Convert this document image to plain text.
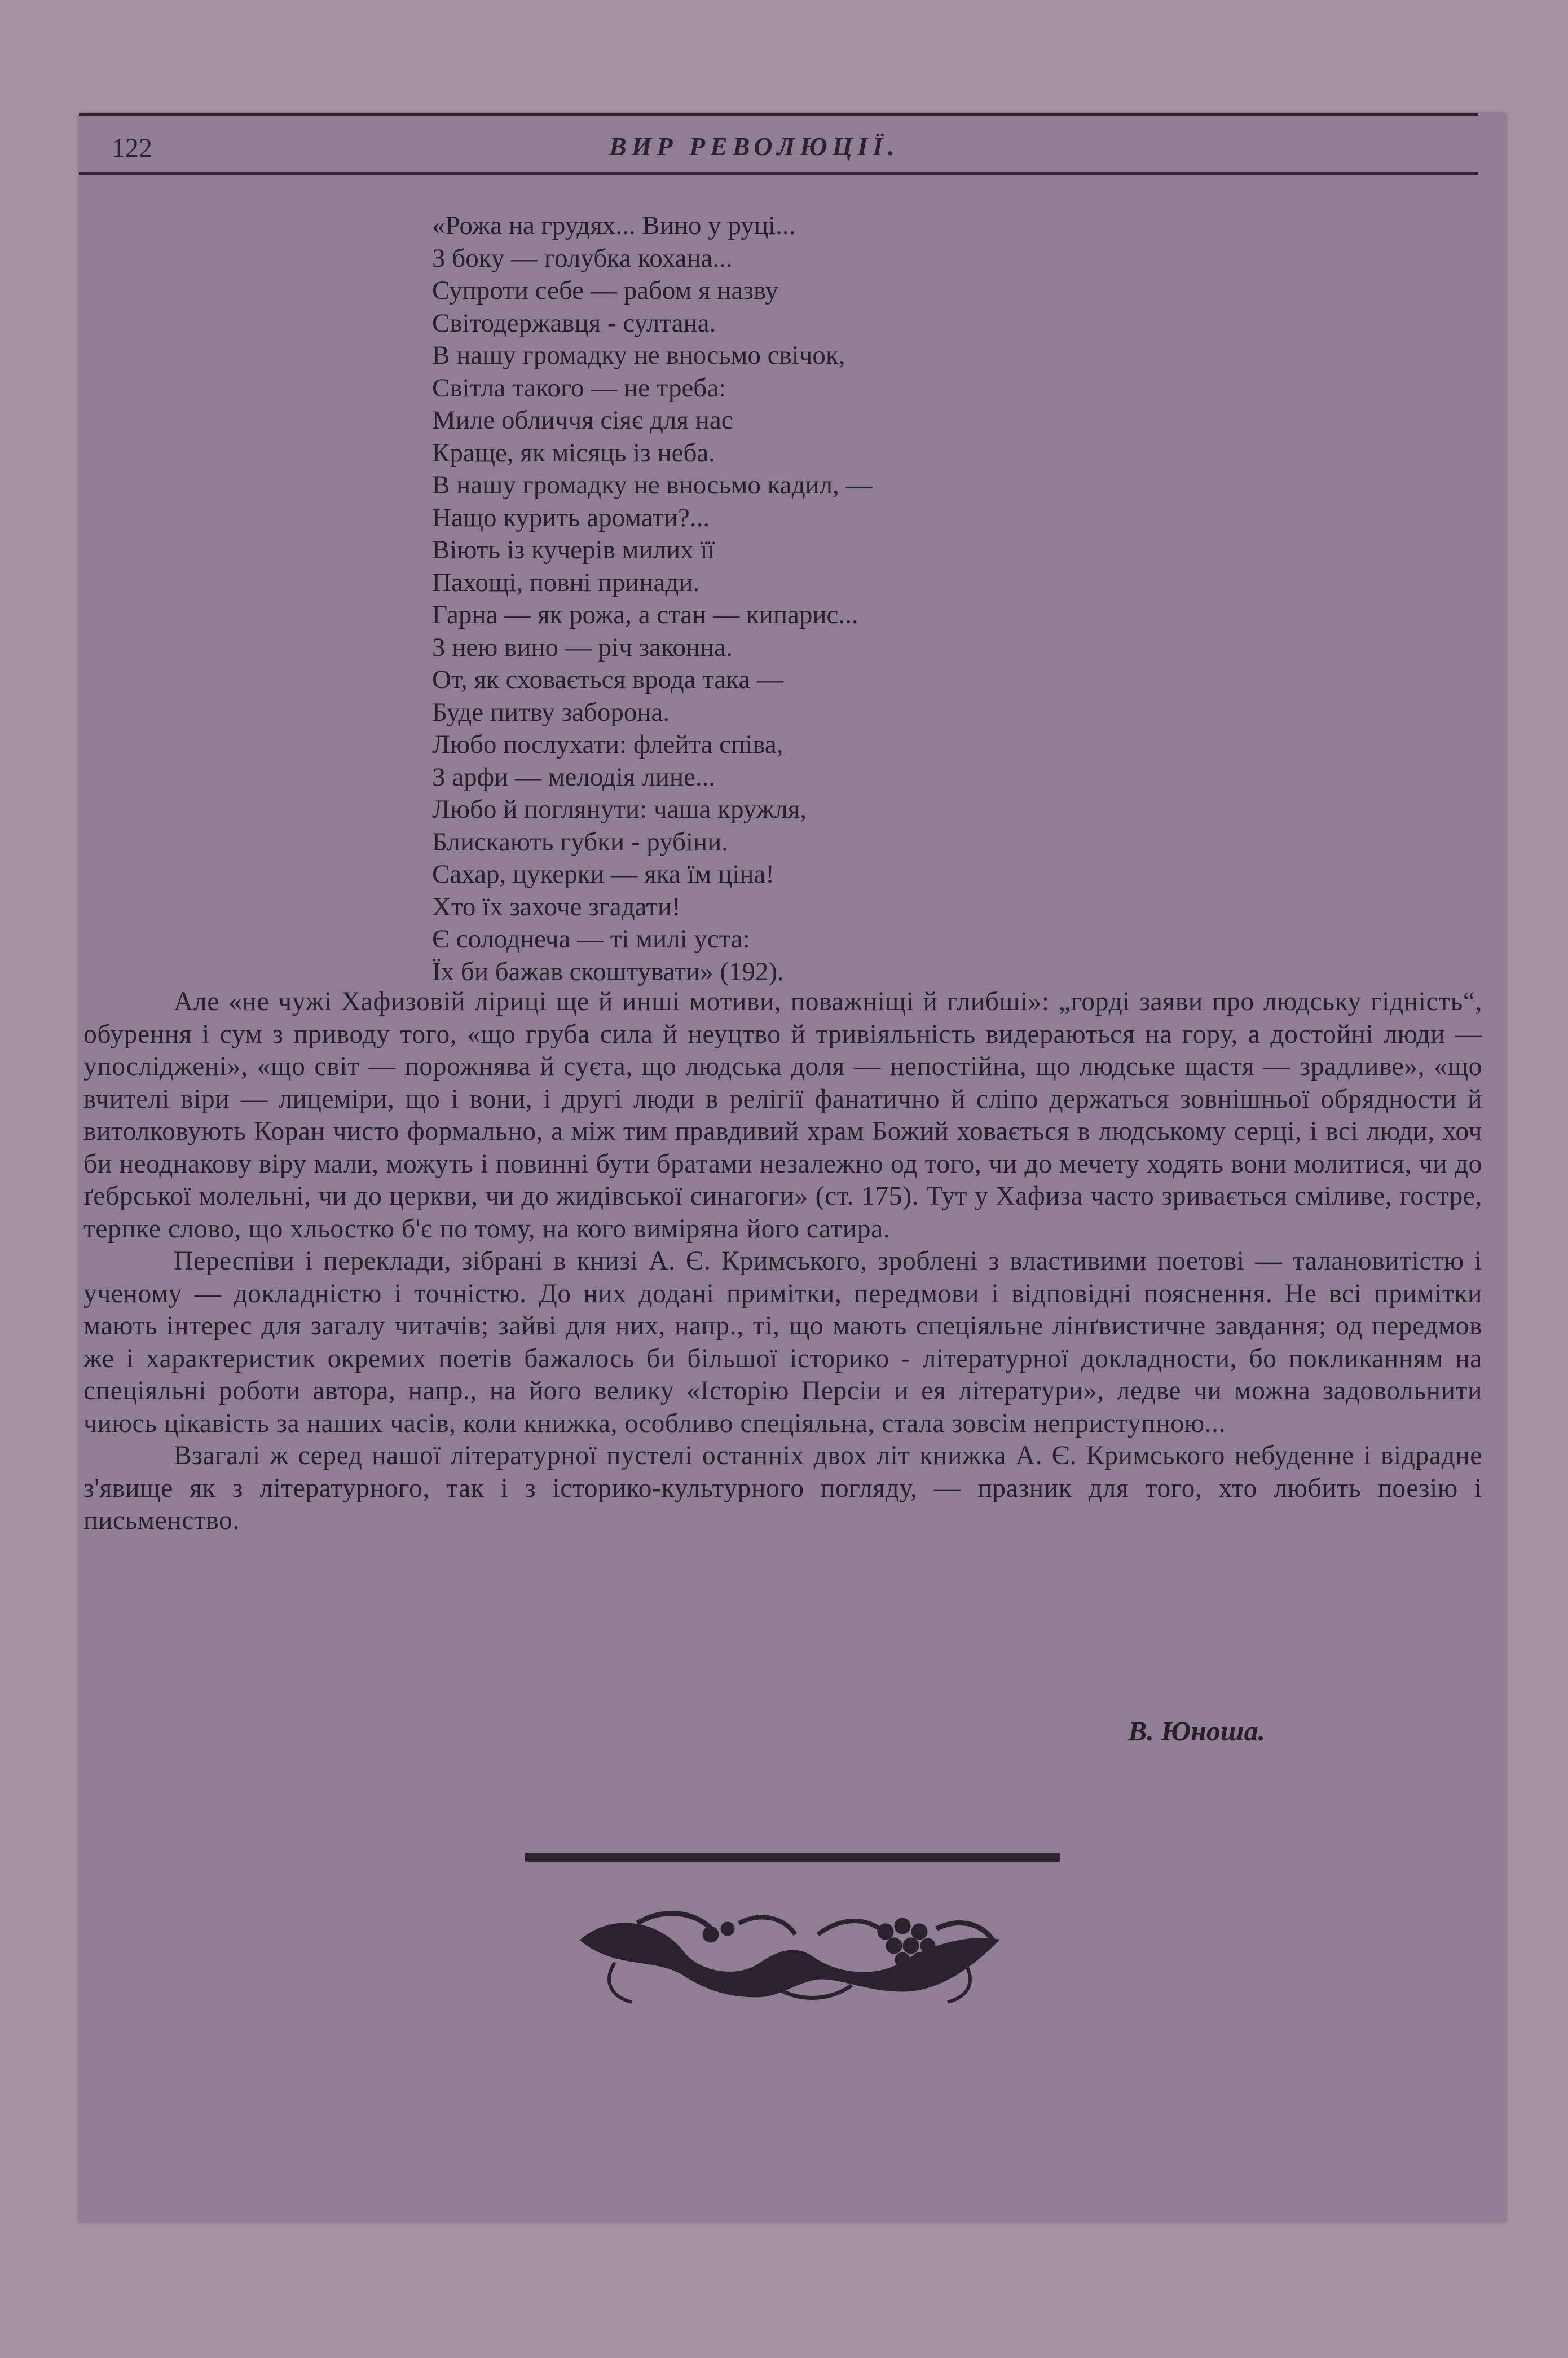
122	ВИР РЕВОЛЮЦІЇ.
«Рожа на грудях... Вино у руці...
З боку — голубка кохана...
Супроти себе — рабом я назву
Світодержавця - султана.
В нашу громадку не вносьмо свічок,
Світла такого — не треба:
Миле обличчя сіяє для нас
Краще, як місяць із неба.
В нашу громадку не вносьмо кадил, —
Нащо курить аромати?...
Віють із кучерів милих її
Пахощі, повні принади.
Гарна — як рожа, а стан — кипарис...
З нею вино — річ законна.
От, як сховається врода така —
Буде питву заборона.
Любо послухати: флейта співа,
З арфи — мелодія лине...
Любо й поглянути: чаша кружля,
Блискають губки - рубіни.
Сахар, цукерки — яка їм ціна!
Хто їх захоче згадати!
Є солоднеча — ті милі уста:
Їх би бажав скоштувати» (192).

Але «не чужі Хафизовій ліриці ще й инші мотиви, поважніщі й глибші»: „горді заяви про людську гідність“, обурення і сум з приводу того, «що груба сила й неуцтво й тривіяльність видераються на гору, а достойні люди — упосліджені», «що світ — порожнява й суєта, що людська доля — непостійна, що людське щастя — зрадливе», «що вчителі віри — лицеміри, що і вони, і другі люди в релігії фанатично й сліпо держаться зовнішньої обрядности й витолковують Коран чисто формально, а між тим правдивий храм Божий ховається в людському серці, і всі люди, хоч би неоднакову віру мали, можуть і повинні бути братами незалежно од того, чи до мечету ходять вони молитися, чи до ґебрської молельні, чи до церкви, чи до жидівської синагоги» (ст. 175). Тут у Хафиза часто зривається сміливе, гостре, терпке слово, що хльостко б'є по тому, на кого виміряна його сатира.

Переспіви і переклади, зібрані в книзі А. Є. Кримського, зроблені з властивими поетові — талановитістю і ученому — докладністю і точністю. До них додані примітки, передмови і відповідні пояснення. Не всі примітки мають інтерес для загалу читачів; зайві для них, напр., ті, що мають спеціяльне лінґвистичне завдання; од передмов же і характеристик окремих поетів бажалось би більшої історико - літературної докладности, бо покликанням на спеціяльні роботи автора, напр., на його велику «Історію Персіи и ея літератури», ледве чи можна задовольнити чиюсь цікавість за наших часів, коли книжка, особливо спеціяльна, стала зовсім неприступною...

Взагалі ж серед нашої літературної пустелі останніх двох літ книжка А. Є. Кримського небуденне і відрадне з'явище як з літературного, так і з історико-культурного погляду, — празник для того, хто любить поезію і письменство.

В. Юноша.
